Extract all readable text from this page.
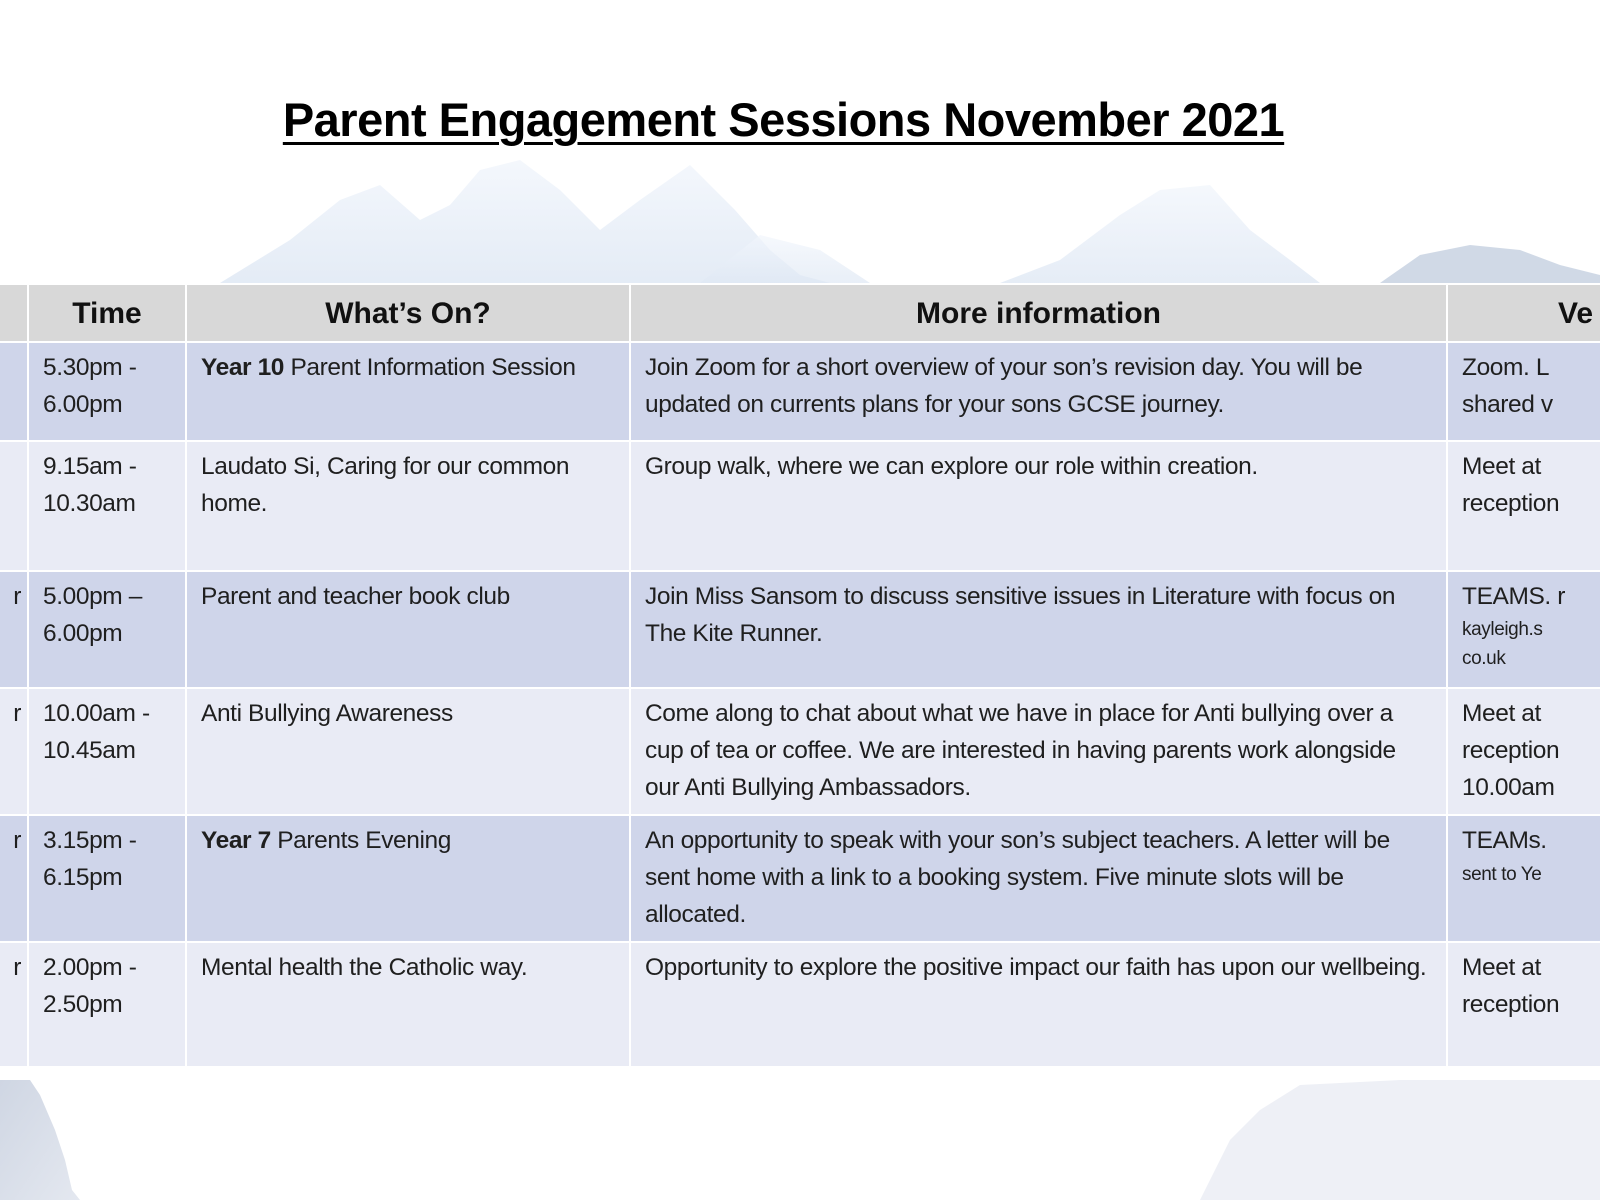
Parent Engagement Sessions November 2021
	Time	What’s On?	More information	Ve

	5.30pm -
6.00pm	Year 10 Parent Information Session	Join Zoom for a short overview of your son’s revision day. You will be updated on currents plans for your sons GCSE journey.	Zoom. L
shared v

	9.15am -
10.30am	Laudato Si, Caring for our common home.	Group walk, where we can explore our role within creation.	Meet at
reception

r	5.00pm –
6.00pm	Parent and teacher book club	Join Miss Sansom to discuss sensitive issues in Literature with focus on The Kite Runner.	TEAMS. r
kayleigh.s
co.uk

r	10.00am -
10.45am	Anti Bullying Awareness	Come along to chat about what we have in place for Anti bullying over a cup of tea or coffee. We are interested in having parents work alongside our Anti Bullying Ambassadors.	Meet at
reception
10.00am

r	3.15pm -
6.15pm	Year 7 Parents Evening	An opportunity to speak with your son’s subject teachers. A letter will be sent home with a link to a booking system. Five minute slots will be allocated.	TEAMs.
sent to Ye

r	2.00pm -
2.50pm	Mental health the Catholic way.	Opportunity to explore the positive impact our faith has upon our wellbeing.	Meet at
reception
